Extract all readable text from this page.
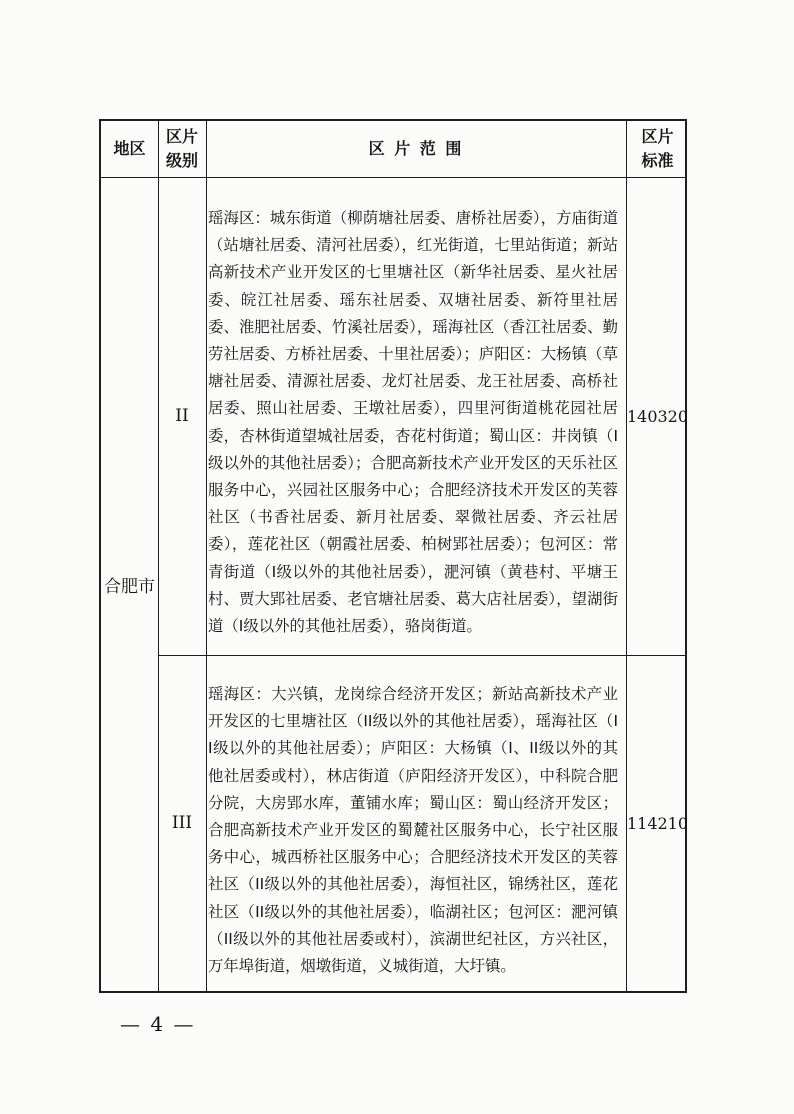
地区
区片
级别
区 片 范 围
区片
标准
合肥市
II
瑶海区：城东街道（柳荫塘社居委、唐桥社居委），方庙街道（站塘社居委、清河社居委），红光街道，七里站街道；新站高新技术产业开发区的七里塘社区（新华社居委、星火社居委、皖江社居委、瑶东社居委、双塘社居委、新符里社居委、淮肥社居委、竹溪社居委），瑶海社区（香江社居委、勤劳社居委、方桥社居委、十里社居委）；庐阳区：大杨镇（草塘社居委、清源社居委、龙灯社居委、龙王社居委、高桥社居委、照山社居委、王墩社居委），四里河街道桃花园社居委，杏林街道望城社居委，杏花村街道；蜀山区：井岗镇（I级以外的其他社居委）；合肥高新技术产业开发区的天乐社区服务中心，兴园社区服务中心；合肥经济技术开发区的芙蓉社区（书香社居委、新月社居委、翠微社居委、齐云社居委），莲花社区（朝霞社居委、柏树郢社居委）；包河区：常青街道（I级以外的其他社居委），淝河镇（黄巷村、平塘王村、贾大郢社居委、老官塘社居委、葛大店社居委），望湖街道（I级以外的其他社居委），骆岗街道。
140320
III
瑶海区：大兴镇，龙岗综合经济开发区；新站高新技术产业开发区的七里塘社区（II级以外的其他社居委），瑶海社区（II级以外的其他社居委）；庐阳区：大杨镇（I、II级以外的其他社居委或村），林店街道（庐阳经济开发区），中科院合肥分院，大房郢水库，董铺水库；蜀山区：蜀山经济开发区；合肥高新技术产业开发区的蜀麓社区服务中心，长宁社区服务中心，城西桥社区服务中心；合肥经济技术开发区的芙蓉社区（II级以外的其他社居委），海恒社区，锦绣社区，莲花社区（II级以外的其他社居委），临湖社区；包河区：淝河镇（II级以外的其他社居委或村），滨湖世纪社区，方兴社区，万年埠街道，烟墩街道，义城街道，大圩镇。
114210
— 4 —
